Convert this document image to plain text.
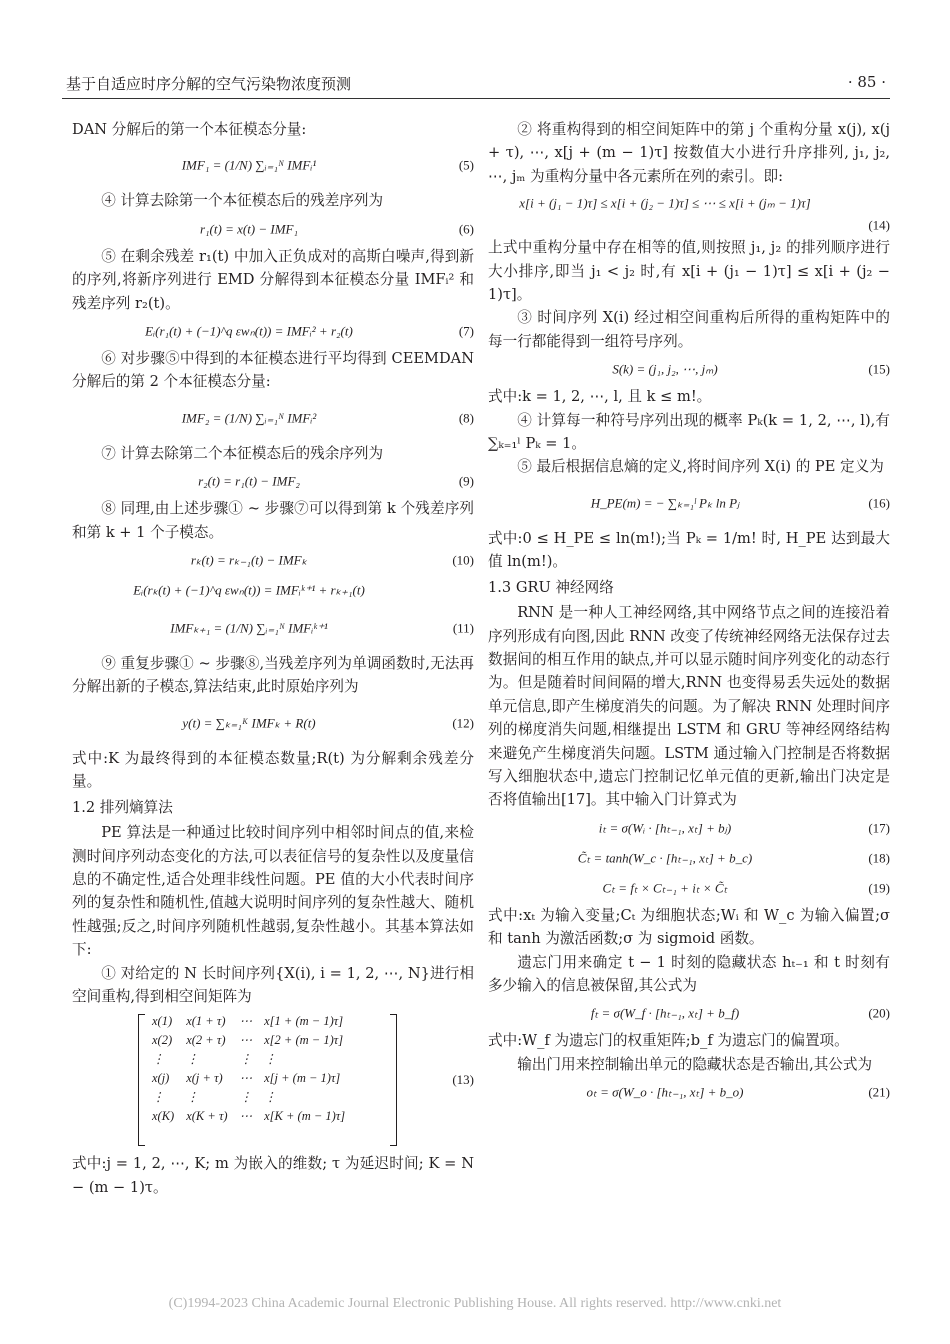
基于自适应时序分解的空气污染物浓度预测	· 85 ·

DAN 分解后的第一个本征模态分量:

IMF₁ = (1/N) ∑ᵢ₌₁ᴺ IMFᵢ¹	(5)

④ 计算去除第一个本征模态后的残差序列为

r₁(t) = x(t) − IMF₁	(6)

⑤ 在剩余残差 r₁(t) 中加入正负成对的高斯白噪声,得到新的序列,将新序列进行 EMD 分解得到本征模态分量 IMFᵢ² 和残差序列 r₂(t)。

Eᵢ(r₁(t) + (−1)^q εwₙ(t)) = IMFᵢ² + r₂(t)	(7)

⑥ 对步骤⑤中得到的本征模态进行平均得到 CEEMDAN 分解后的第 2 个本征模态分量:

IMF₂ = (1/N) ∑ᵢ₌₁ᴺ IMFᵢ²	(8)

⑦ 计算去除第二个本征模态后的残余序列为

r₂(t) = r₁(t) − IMF₂	(9)

⑧ 同理,由上述步骤① ~ 步骤⑦可以得到第 k 个残差序列和第 k + 1 个子模态。

rₖ(t) = rₖ₋₁(t) − IMFₖ	(10)
Eᵢ(rₖ(t) + (−1)^q εwₙ(t)) = IMFᵢᵏ⁺¹ + rₖ₊₁(t)
IMFₖ₊₁ = (1/N) ∑ᵢ₌₁ᴺ IMFᵢᵏ⁺¹	(11)

⑨ 重复步骤① ~ 步骤⑧,当残差序列为单调函数时,无法再分解出新的子模态,算法结束,此时原始序列为

y(t) = ∑ₖ₌₁ᴷ IMFₖ + R(t)	(12)

式中:K 为最终得到的本征模态数量;R(t) 为分解剩余残差分量。

1.2 排列熵算法

PE 算法是一种通过比较时间序列中相邻时间点的值,来检测时间序列动态变化的方法,可以表征信号的复杂性以及度量信息的不确定性,适合处理非线性问题。PE 值的大小代表时间序列的复杂性和随机性,值越大说明时间序列的复杂性越大、随机性越强;反之,时间序列随机性越弱,复杂性越小。其基本算法如下:

① 对给定的 N 长时间序列{X(i), i = 1, 2, ⋯, N}进行相空间重构,得到相空间矩阵为

x(1)	x(1 + τ)	⋯	x[1 + (m − 1)τ]
x(2)	x(2 + τ)	⋯	x[2 + (m − 1)τ]
⋮	⋮	⋮	⋮
x(j)	x(j + τ)	⋯	x[j + (m − 1)τ]
⋮	⋮	⋮	⋮
x(K)	x(K + τ)	⋯	x[K + (m − 1)τ]
(13)

式中:j = 1, 2, ⋯, K; m 为嵌入的维数; τ 为延迟时间; K = N − (m − 1)τ。

② 将重构得到的相空间矩阵中的第 j 个重构分量 x(j), x(j + τ), ⋯, x[j + (m − 1)τ] 按数值大小进行升序排列, j₁, j₂, ⋯, jₘ 为重构分量中各元素所在列的索引。即:

x[i + (j₁ − 1)τ] ≤ x[i + (j₂ − 1)τ] ≤ ⋯ ≤ x[i + (jₘ − 1)τ]
(14)

上式中重构分量中存在相等的值,则按照 j₁, j₂ 的排列顺序进行大小排序,即当 j₁ < j₂ 时,有 x[i + (j₁ − 1)τ] ≤ x[i + (j₂ − 1)τ]。

③ 时间序列 X(i) 经过相空间重构后所得的重构矩阵中的每一行都能得到一组符号序列。

S(k) = (j₁, j₂, ⋯, jₘ)	(15)

式中:k = 1, 2, ⋯, l, 且 k ≤ m!。

④ 计算每一种符号序列出现的概率 Pₖ(k = 1, 2, ⋯, l),有 ∑ₖ₌₁ˡ Pₖ = 1。

⑤ 最后根据信息熵的定义,将时间序列 X(i) 的 PE 定义为

H_PE(m) = − ∑ₖ₌₁ˡ Pₖ ln Pⱼ	(16)

式中:0 ≤ H_PE ≤ ln(m!);当 Pₖ = 1/m! 时, H_PE 达到最大值 ln(m!)。

1.3 GRU 神经网络

RNN 是一种人工神经网络,其中网络节点之间的连接沿着序列形成有向图,因此 RNN 改变了传统神经网络无法保存过去数据间的相互作用的缺点,并可以显示随时间序列变化的动态行为。但是随着时间间隔的增大,RNN 也变得易丢失远处的数据单元信息,即产生梯度消失的问题。为了解决 RNN 处理时间序列的梯度消失问题,相继提出 LSTM 和 GRU 等神经网络结构来避免产生梯度消失问题。LSTM 通过输入门控制是否将数据写入细胞状态中,遗忘门控制记忆单元值的更新,输出门决定是否将值输出[17]。其中输入门计算式为

iₜ = σ(Wᵢ · [hₜ₋₁, xₜ] + bⱼ)	(17)
C̃ₜ = tanh(W_c · [hₜ₋₁, xₜ] + b_c)	(18)
Cₜ = fₜ × Cₜ₋₁ + iₜ × C̃ₜ	(19)

式中:xₜ 为输入变量;Cₜ 为细胞状态;Wᵢ 和 W_c 为输入偏置;σ 和 tanh 为激活函数;σ 为 sigmoid 函数。

遗忘门用来确定 t − 1 时刻的隐藏状态 hₜ₋₁ 和 t 时刻有多少输入的信息被保留,其公式为

fₜ = σ(W_f · [hₜ₋₁, xₜ] + b_f)	(20)

式中:W_f 为遗忘门的权重矩阵;b_f 为遗忘门的偏置项。

输出门用来控制输出单元的隐藏状态是否输出,其公式为

oₜ = σ(W_o · [hₜ₋₁, xₜ] + b_o)	(21)
(C)1994-2023 China Academic Journal Electronic Publishing House. All rights reserved. http://www.cnki.net
